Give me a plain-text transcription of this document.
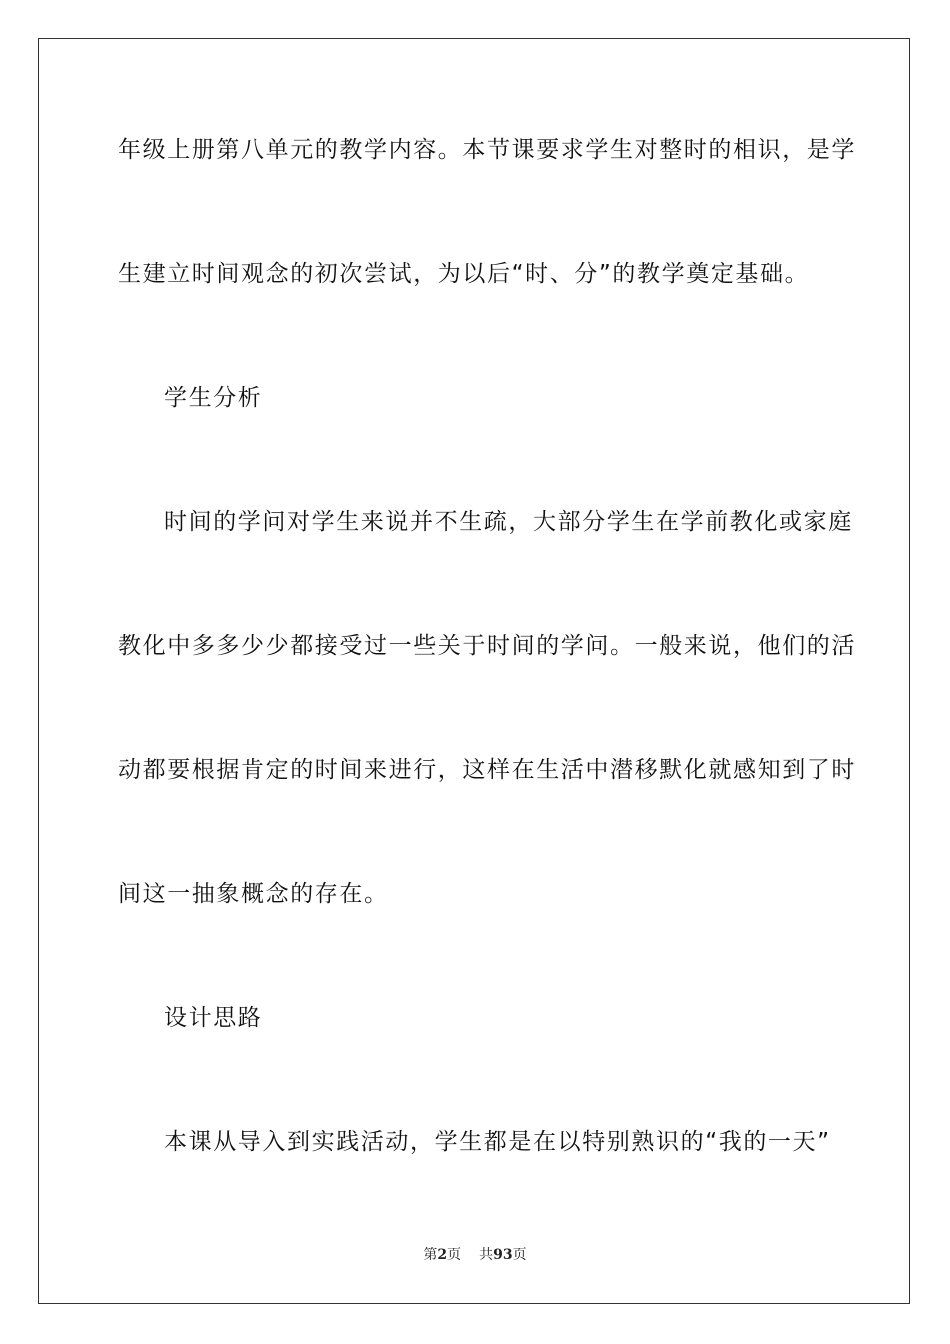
年级上册第八单元的教学内容。本节课要求学生对整时的相识，是学
生建立时间观念的初次尝试，为以后“时、分”的教学奠定基础。
学生分析
时间的学问对学生来说并不生疏，大部分学生在学前教化或家庭
教化中多多少少都接受过一些关于时间的学问。一般来说，他们的活
动都要根据肯定的时间来进行，这样在生活中潜移默化就感知到了时
间这一抽象概念的存在。
设计思路
本课从导入到实践活动，学生都是在以特别熟识的“我的一天”
第2页 共93页
